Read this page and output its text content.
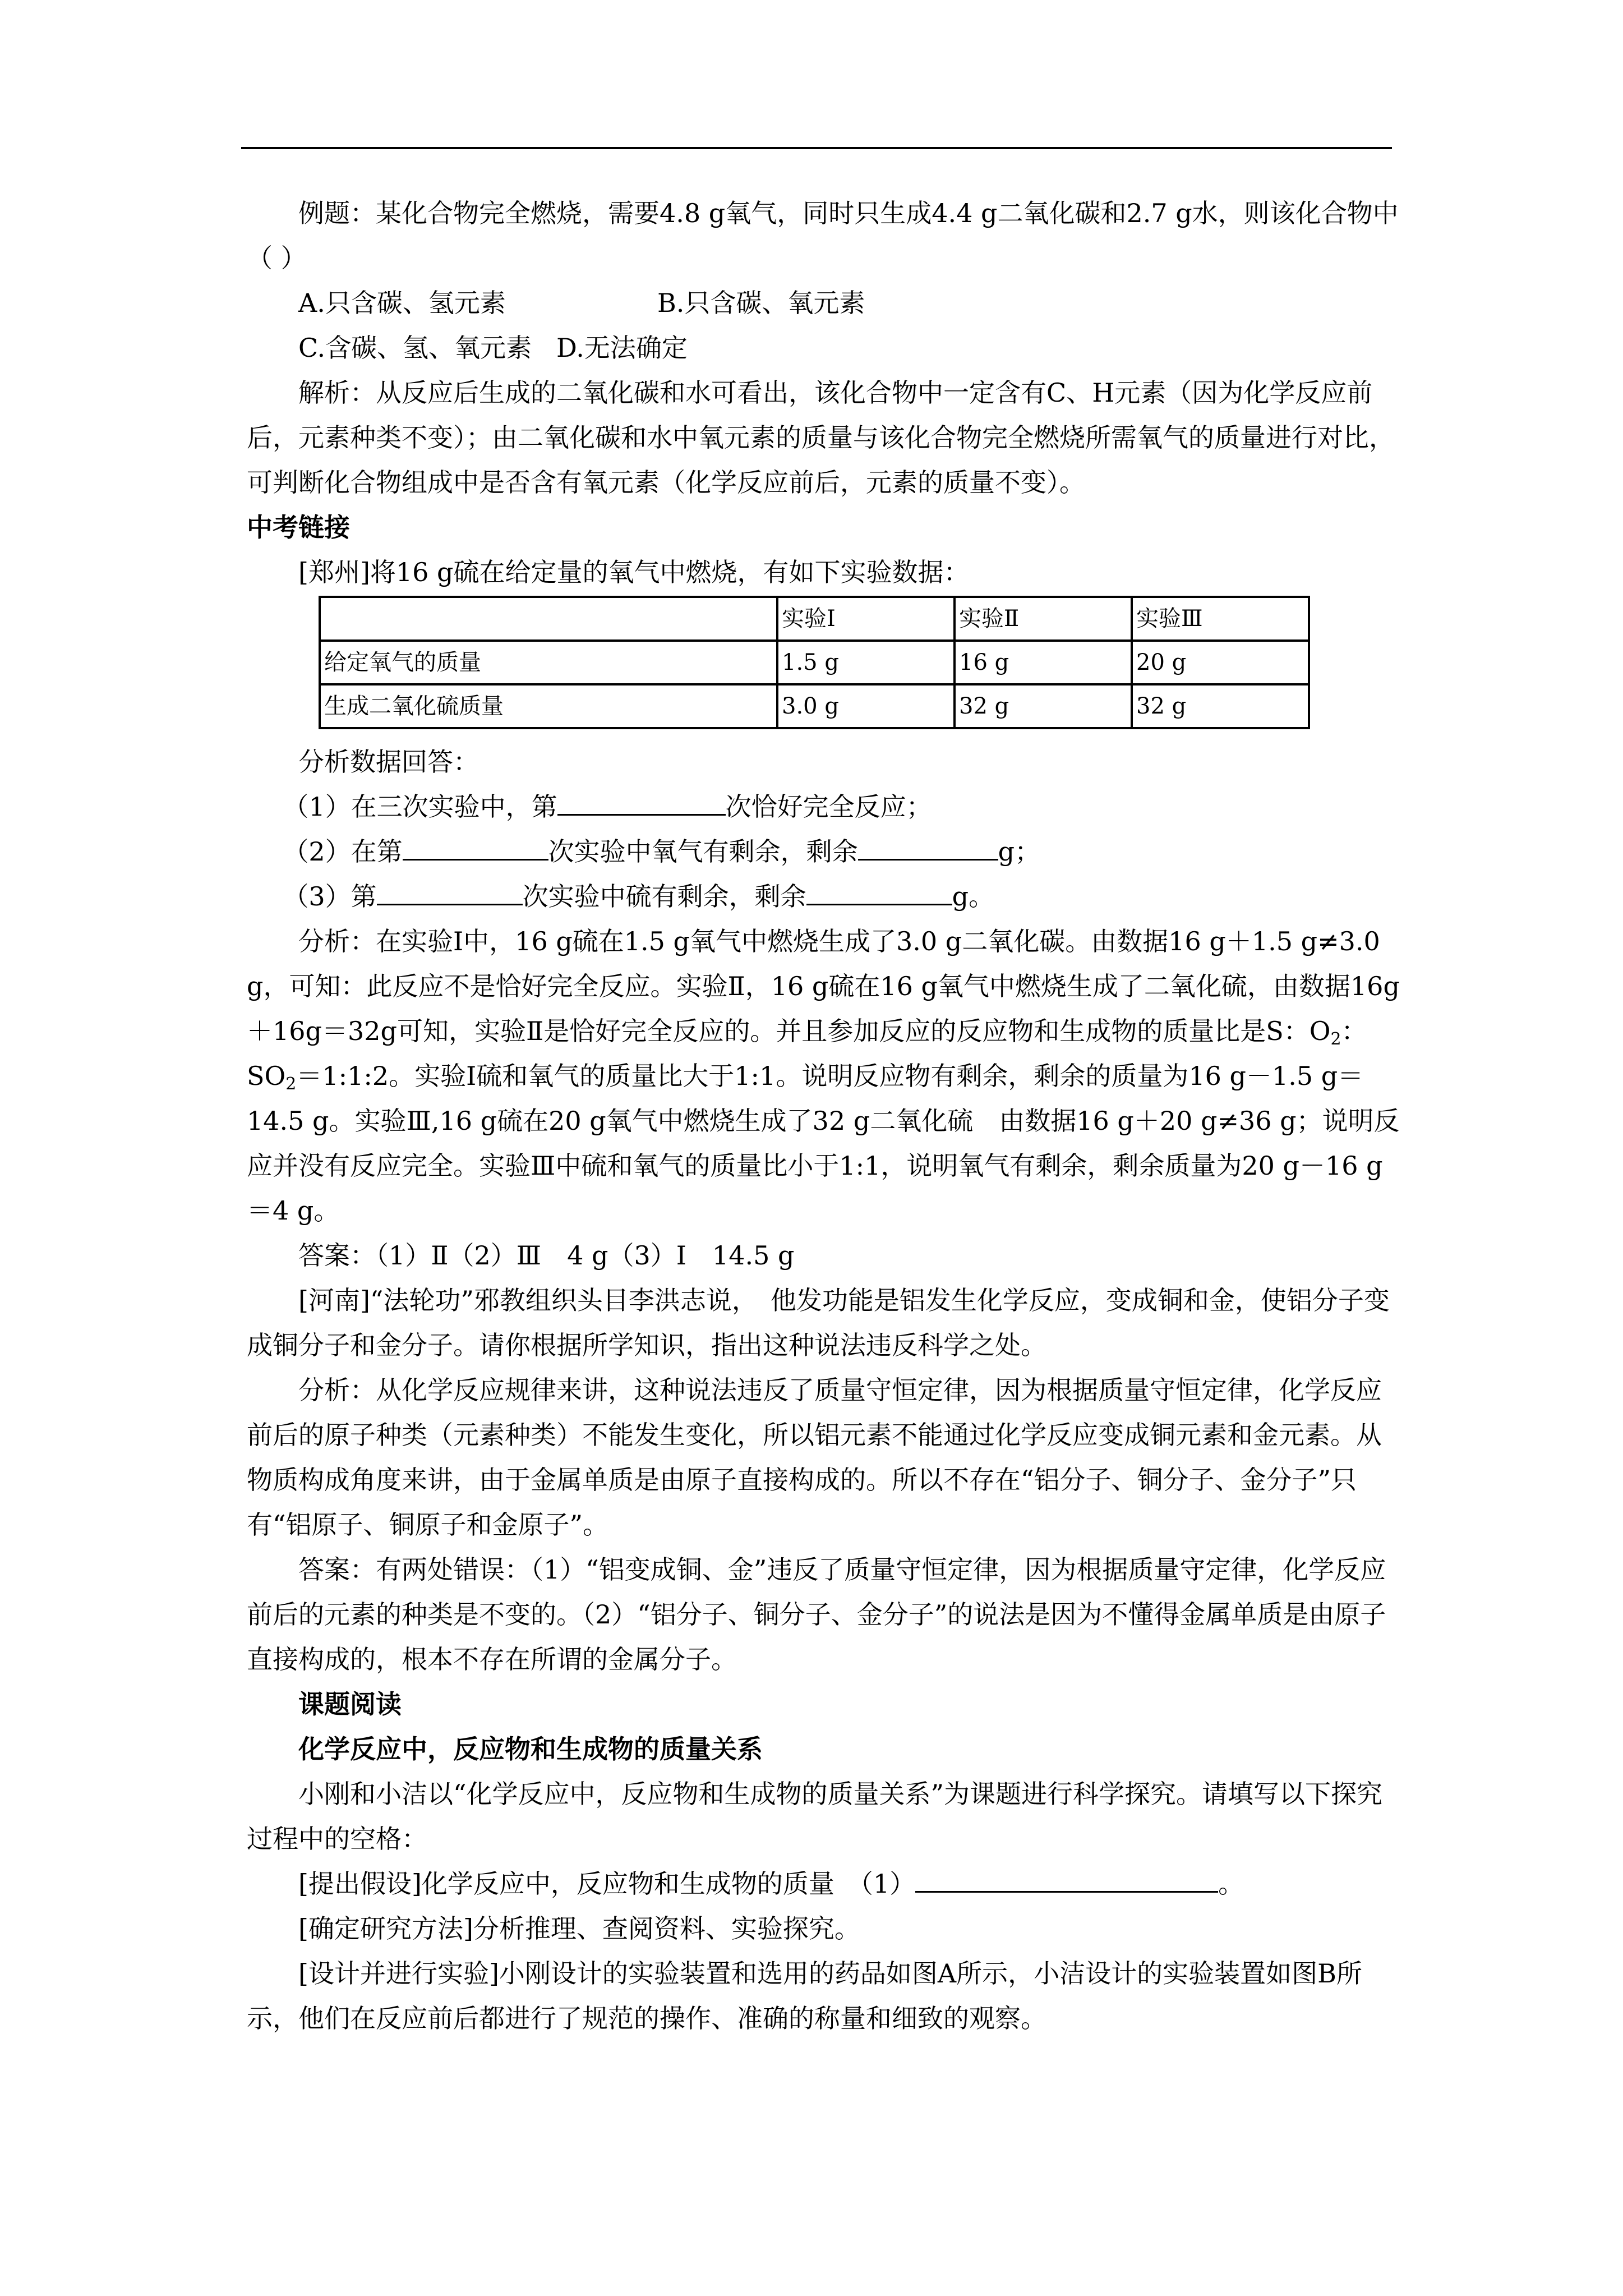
例题：某化合物完全燃烧，需要4.8 g氧气，同时只生成4.4 g二氧化碳和2.7 g水，则该化合物中 （ ）

A.只含碳、氢元素	B.只含碳、氧元素

C.含碳、氢、氧元素 D.无法确定

解析：从反应后生成的二氧化碳和水可看出，该化合物中一定含有C、H元素（因为化学反应前后，元素种类不变）；由二氧化碳和水中氧元素的质量与该化合物完全燃烧所需氧气的质量进行对比，可判断化合物组成中是否含有氧元素（化学反应前后，元素的质量不变）。

中考链接

[郑州]将16 g硫在给定量的氧气中燃烧，有如下实验数据：

	实验Ⅰ	实验Ⅱ	实验Ⅲ
给定氧气的质量	1.5 g	16 g	20 g
生成二氧化硫质量	3.0 g	32 g	32 g

分析数据回答：

（1）在三次实验中，第	次恰好完全反应；

（2）在第	次实验中氧气有剩余，剩余	g；

（3）第	次实验中硫有剩余，剩余	g。

分析：在实验Ⅰ中，16 g硫在1.5 g氧气中燃烧生成了3.0 g二氧化碳。由数据16 g＋1.5 g≠3.0 g，可知：此反应不是恰好完全反应。实验Ⅱ，16 g硫在16 g氧气中燃烧生成了二氧化硫，由数据16g＋16g＝32g可知，实验Ⅱ是恰好完全反应的。并且参加反应的反应物和生成物的质量比是S：$O_2$：$SO_2=1:1:2$。实验Ⅰ硫和氧气的质量比大于1:1。说明反应物有剩余，剩余的质量为16 g－1.5 g＝14.5 g。实验Ⅲ,16 g硫在20 g氧气中燃烧生成了32 g二氧化硫　由数据16 g＋20 g≠36 g；说明反应并没有反应完全。实验Ⅲ中硫和氧气的质量比小于1:1，说明氧气有剩余，剩余质量为20 g－16 g＝4 g。

答案：（1）Ⅱ（2）Ⅲ　4 g（3）Ⅰ　14.5 g

[河南]“法轮功”邪教组织头目李洪志说，　他发功能是铝发生化学反应，变成铜和金，使铝分子变成铜分子和金分子。请你根据所学知识，指出这种说法违反科学之处。

分析：从化学反应规律来讲，这种说法违反了质量守恒定律，因为根据质量守恒定律，化学反应前后的原子种类（元素种类）不能发生变化，所以铝元素不能通过化学反应变成铜元素和金元素。从物质构成角度来讲，由于金属单质是由原子直接构成的。所以不存在“铝分子、铜分子、金分子”只有“铝原子、铜原子和金原子”。

答案：有两处错误：（1）“铝变成铜、金”违反了质量守恒定律，因为根据质量守定律，化学反应前后的元素的种类是不变的。（2）“铝分子、铜分子、金分子”的说法是因为不懂得金属单质是由原子直接构成的，根本不存在所谓的金属分子。

课题阅读

化学反应中，反应物和生成物的质量关系

小刚和小洁以“化学反应中，反应物和生成物的质量关系”为课题进行科学探究。请填写以下探究过程中的空格：

[提出假设]化学反应中，反应物和生成物的质量　（1）	。

[确定研究方法]分析推理、查阅资料、实验探究。

[设计并进行实验]小刚设计的实验装置和选用的药品如图A所示，小洁设计的实验装置如图B所示，他们在反应前后都进行了规范的操作、准确的称量和细致的观察。
